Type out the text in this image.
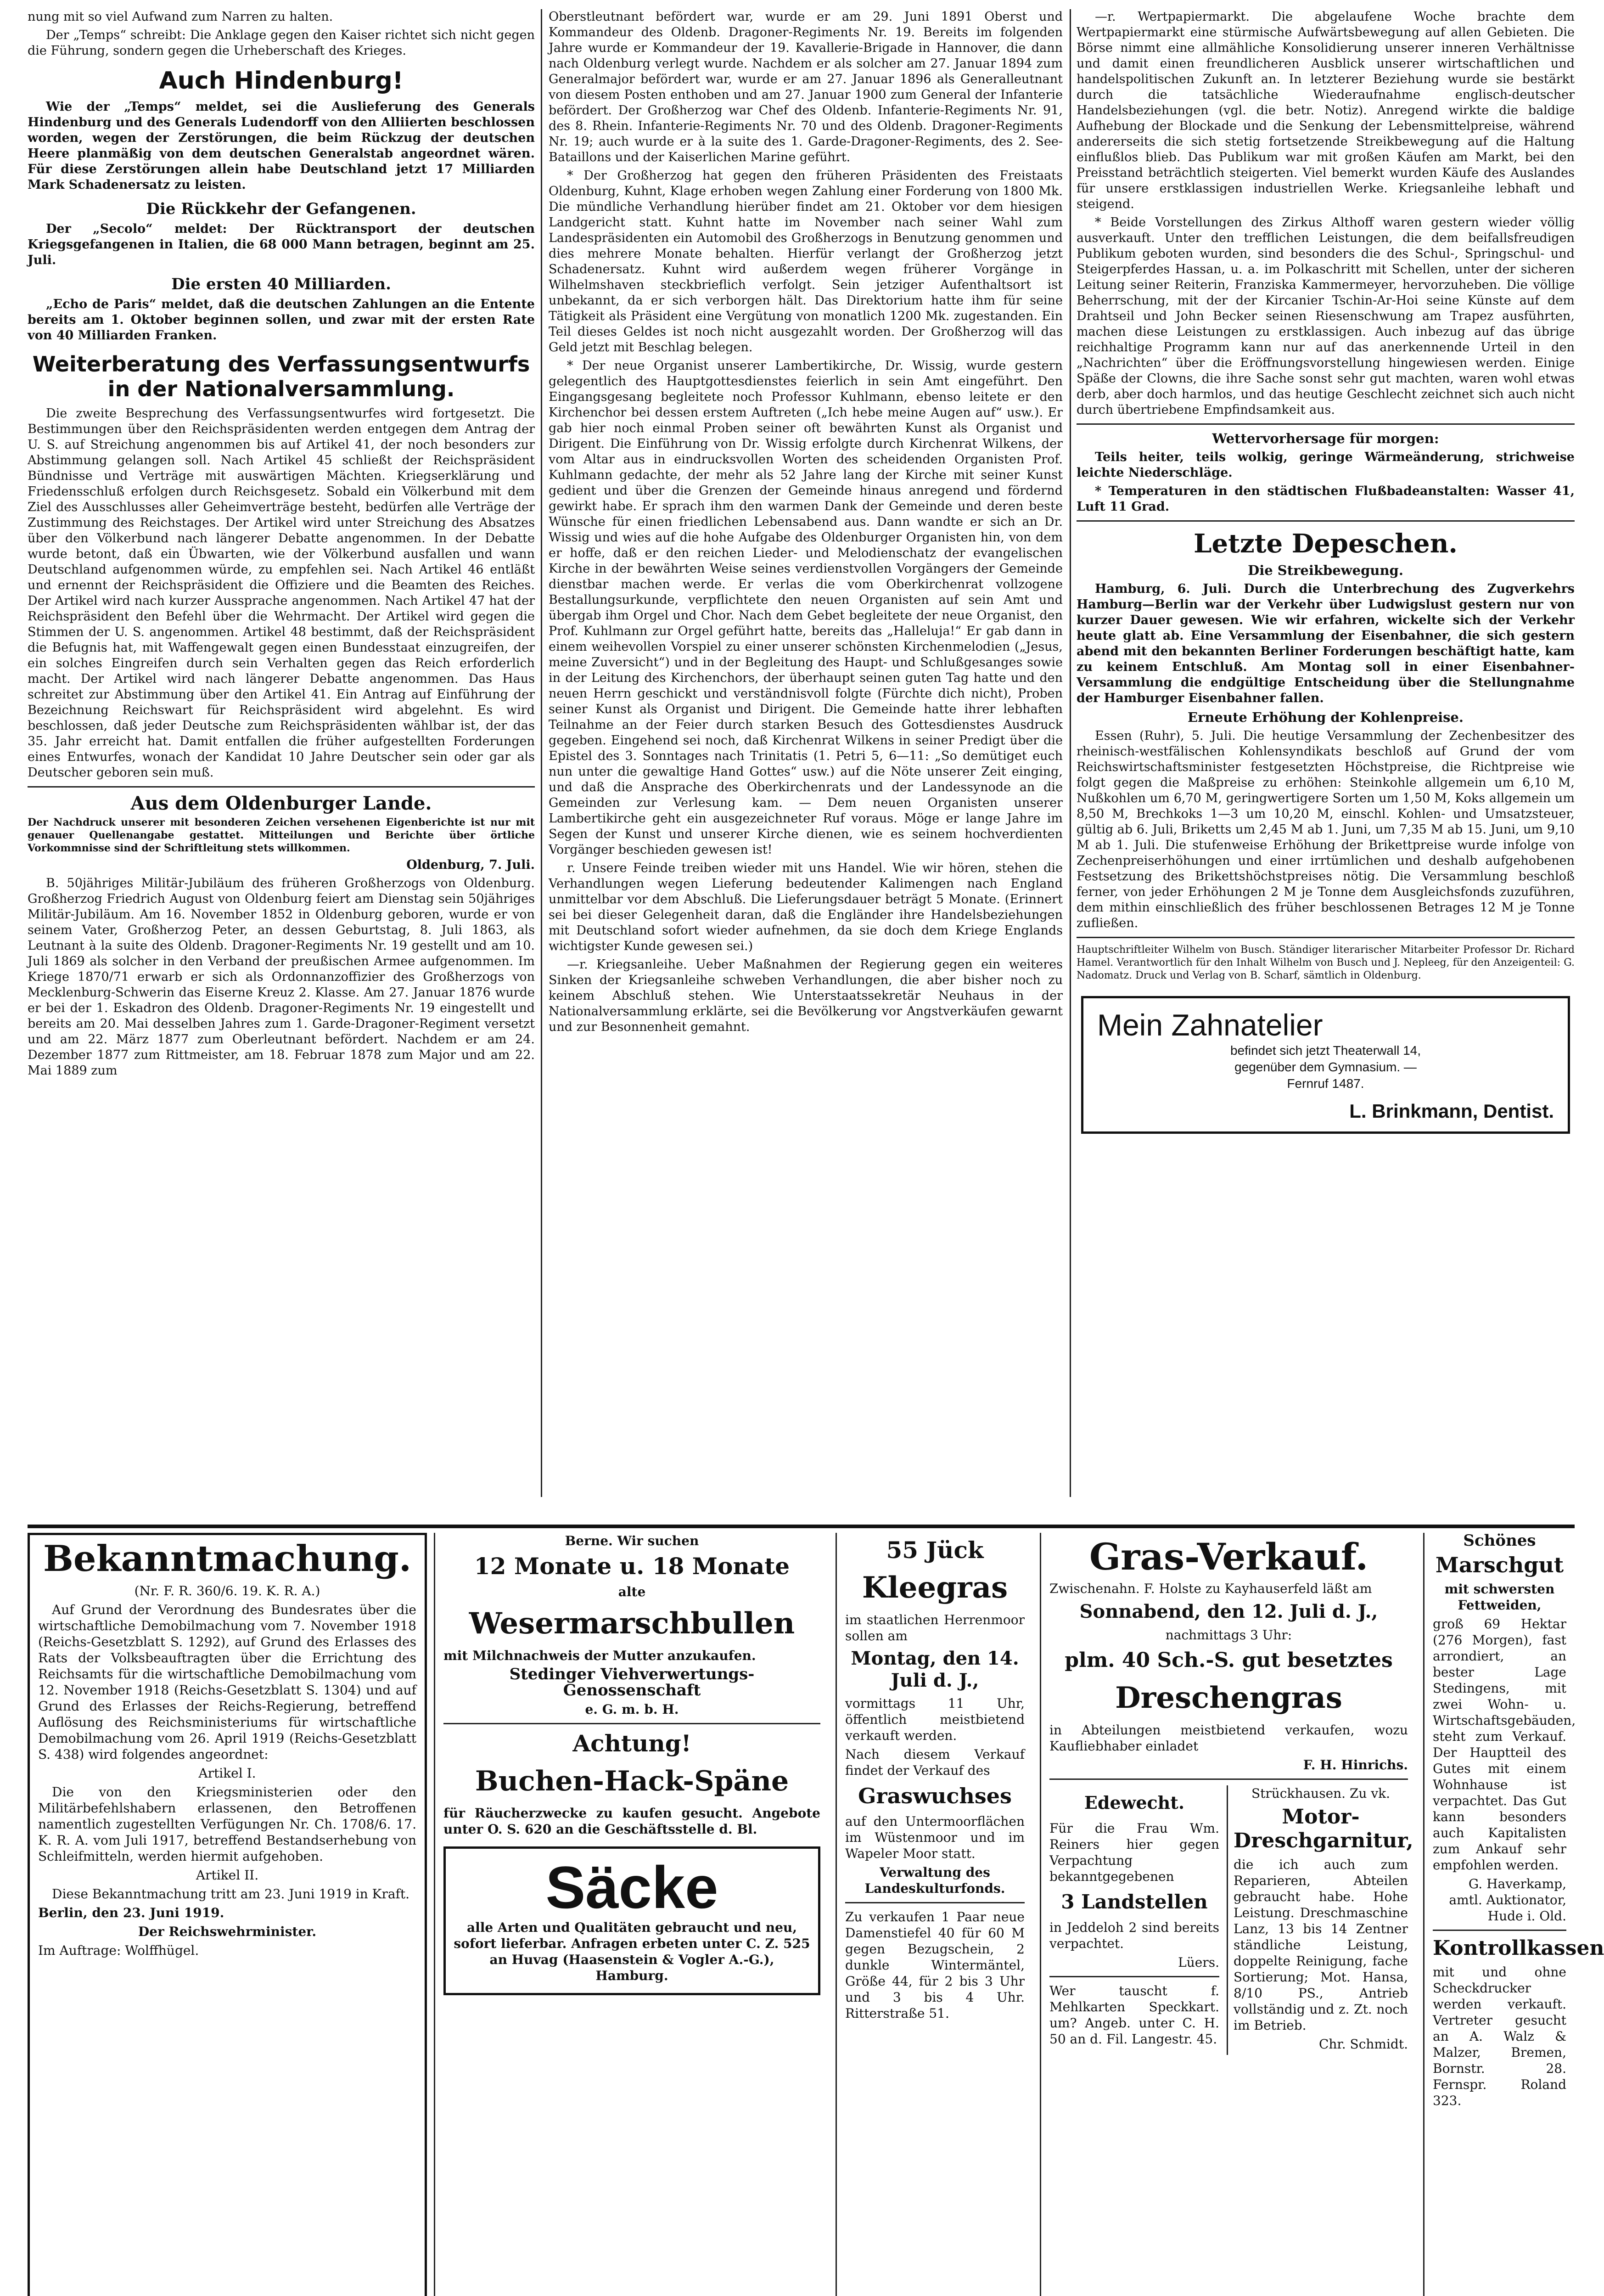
nung mit so viel Aufwand zum Narren zu halten.

Der „Temps“ schreibt: Die Anklage gegen den Kaiser richtet sich nicht gegen die Führung, sondern gegen die Urheberschaft des Krieges.

Auch Hindenburg!

Wie der „Temps“ meldet, sei die Auslieferung des Generals Hindenburg und des Generals Ludendorff von den Alliierten beschlossen worden, wegen der Zerstörungen, die beim Rückzug der deutschen Heere planmäßig von dem deutschen Generalstab angeordnet wären. Für diese Zerstörungen allein habe Deutschland jetzt 17 Milliarden Mark Schadenersatz zu leisten.

Die Rückkehr der Gefangenen.

Der „Secolo“ meldet: Der Rücktransport der deutschen Kriegsgefangenen in Italien, die 68 000 Mann betragen, beginnt am 25. Juli.

Die ersten 40 Milliarden.

„Echo de Paris“ meldet, daß die deutschen Zahlungen an die Entente bereits am 1. Oktober beginnen sollen, und zwar mit der ersten Rate von 40 Milliarden Franken.

Weiterberatung des Verfassungsentwurfs in der Nationalversammlung.

Die zweite Besprechung des Verfassungsentwurfes wird fortgesetzt. Die Bestimmungen über den Reichspräsidenten werden entgegen dem Antrag der U. S. auf Streichung angenommen bis auf Artikel 41, der noch besonders zur Abstimmung gelangen soll. Nach Artikel 45 schließt der Reichspräsident Bündnisse und Verträge mit auswärtigen Mächten. Kriegserklärung und Friedensschluß erfolgen durch Reichsgesetz. Sobald ein Völkerbund mit dem Ziel des Ausschlusses aller Geheimverträge besteht, bedürfen alle Verträge der Zustimmung des Reichstages. Der Artikel wird unter Streichung des Absatzes über den Völkerbund nach längerer Debatte angenommen. In der Debatte wurde betont, daß ein Übwarten, wie der Völkerbund ausfallen und wann Deutschland aufgenommen würde, zu empfehlen sei. Nach Artikel 46 entläßt und ernennt der Reichspräsident die Offiziere und die Beamten des Reiches. Der Artikel wird nach kurzer Aussprache angenommen. Nach Artikel 47 hat der Reichspräsident den Befehl über die Wehrmacht. Der Artikel wird gegen die Stimmen der U. S. angenommen. Artikel 48 bestimmt, daß der Reichspräsident die Befugnis hat, mit Waffengewalt gegen einen Bundesstaat einzugreifen, der ein solches Eingreifen durch sein Verhalten gegen das Reich erforderlich macht. Der Artikel wird nach längerer Debatte angenommen. Das Haus schreitet zur Abstimmung über den Artikel 41. Ein Antrag auf Einführung der Bezeichnung Reichswart für Reichspräsident wird abgelehnt. Es wird beschlossen, daß jeder Deutsche zum Reichspräsidenten wählbar ist, der das 35. Jahr erreicht hat. Damit entfallen die früher aufgestellten Forderungen eines Entwurfes, wonach der Kandidat 10 Jahre Deutscher sein oder gar als Deutscher geboren sein muß.

Aus dem Oldenburger Lande.

Der Nachdruck unserer mit besonderen Zeichen versehenen Eigenberichte ist nur mit genauer Quellenangabe gestattet. Mitteilungen und Berichte über örtliche Vorkommnisse sind der Schriftleitung stets willkommen.

Oldenburg, 7. Juli.

B. 50jähriges Militär-Jubiläum des früheren Großherzogs von Oldenburg. Großherzog Friedrich August von Oldenburg feiert am Dienstag sein 50jähriges Militär-Jubiläum. Am 16. November 1852 in Oldenburg geboren, wurde er von seinem Vater, Großherzog Peter, an dessen Geburtstag, 8. Juli 1863, als Leutnant à la suite des Oldenb. Dragoner-Regiments Nr. 19 gestellt und am 10. Juli 1869 als solcher in den Verband der preußischen Armee aufgenommen. Im Kriege 1870/71 erwarb er sich als Ordonnanzoffizier des Großherzogs von Mecklenburg-Schwerin das Eiserne Kreuz 2. Klasse. Am 27. Januar 1876 wurde er bei der 1. Eskadron des Oldenb. Dragoner-Regiments Nr. 19 eingestellt und bereits am 20. Mai desselben Jahres zum 1. Garde-Dragoner-Regiment versetzt und am 22. März 1877 zum Oberleutnant befördert. Nachdem er am 24. Dezember 1877 zum Rittmeister, am 18. Februar 1878 zum Major und am 22. Mai 1889 zum

Oberstleutnant befördert war, wurde er am 29. Juni 1891 Oberst und Kommandeur des Oldenb. Dragoner-Regiments Nr. 19. Bereits im folgenden Jahre wurde er Kommandeur der 19. Kavallerie-Brigade in Hannover, die dann nach Oldenburg verlegt wurde. Nachdem er als solcher am 27. Januar 1894 zum Generalmajor befördert war, wurde er am 27. Januar 1896 als Generalleutnant von diesem Posten enthoben und am 27. Januar 1900 zum General der Infanterie befördert. Der Großherzog war Chef des Oldenb. Infanterie-Regiments Nr. 91, des 8. Rhein. Infanterie-Regiments Nr. 70 und des Oldenb. Dragoner-Regiments Nr. 19; auch wurde er à la suite des 1. Garde-Dragoner-Regiments, des 2. See-Bataillons und der Kaiserlichen Marine geführt.

* Der Großherzog hat gegen den früheren Präsidenten des Freistaats Oldenburg, Kuhnt, Klage erhoben wegen Zahlung einer Forderung von 1800 Mk. Die mündliche Verhandlung hierüber findet am 21. Oktober vor dem hiesigen Landgericht statt. Kuhnt hatte im November nach seiner Wahl zum Landespräsidenten ein Automobil des Großherzogs in Benutzung genommen und dies mehrere Monate behalten. Hierfür verlangt der Großherzog jetzt Schadenersatz. Kuhnt wird außerdem wegen früherer Vorgänge in Wilhelmshaven steckbrieflich verfolgt. Sein jetziger Aufenthaltsort ist unbekannt, da er sich verborgen hält. Das Direktorium hatte ihm für seine Tätigkeit als Präsident eine Vergütung von monatlich 1200 Mk. zugestanden. Ein Teil dieses Geldes ist noch nicht ausgezahlt worden. Der Großherzog will das Geld jetzt mit Beschlag belegen.

* Der neue Organist unserer Lambertikirche, Dr. Wissig, wurde gestern gelegentlich des Hauptgottesdienstes feierlich in sein Amt eingeführt. Den Eingangsgesang begleitete noch Professor Kuhlmann, ebenso leitete er den Kirchenchor bei dessen erstem Auftreten („Ich hebe meine Augen auf“ usw.). Er gab hier noch einmal Proben seiner oft bewährten Kunst als Organist und Dirigent. Die Einführung von Dr. Wissig erfolgte durch Kirchenrat Wilkens, der vom Altar aus in eindrucksvollen Worten des scheidenden Organisten Prof. Kuhlmann gedachte, der mehr als 52 Jahre lang der Kirche mit seiner Kunst gedient und über die Grenzen der Gemeinde hinaus anregend und fördernd gewirkt habe. Er sprach ihm den warmen Dank der Gemeinde und deren beste Wünsche für einen friedlichen Lebensabend aus. Dann wandte er sich an Dr. Wissig und wies auf die hohe Aufgabe des Oldenburger Organisten hin, von dem er hoffe, daß er den reichen Lieder- und Melodienschatz der evangelischen Kirche in der bewährten Weise seines verdienstvollen Vorgängers der Gemeinde dienstbar machen werde. Er verlas die vom Oberkirchenrat vollzogene Bestallungsurkunde, verpflichtete den neuen Organisten auf sein Amt und übergab ihm Orgel und Chor. Nach dem Gebet begleitete der neue Organist, den Prof. Kuhlmann zur Orgel geführt hatte, bereits das „Halleluja!“ Er gab dann in einem weihevollen Vorspiel zu einer unserer schönsten Kirchenmelodien („Jesus, meine Zuversicht“) und in der Begleitung des Haupt- und Schlußgesanges sowie in der Leitung des Kirchenchors, der überhaupt seinen guten Tag hatte und den neuen Herrn geschickt und verständnisvoll folgte (Fürchte dich nicht), Proben seiner Kunst als Organist und Dirigent. Die Gemeinde hatte ihrer lebhaften Teilnahme an der Feier durch starken Besuch des Gottesdienstes Ausdruck gegeben. Eingehend sei noch, daß Kirchenrat Wilkens in seiner Predigt über die Epistel des 3. Sonntages nach Trinitatis (1. Petri 5, 6—11: „So demütiget euch nun unter die gewaltige Hand Gottes“ usw.) auf die Nöte unserer Zeit einging, und daß die Ansprache des Oberkirchenrats und der Landessynode an die Gemeinden zur Verlesung kam. — Dem neuen Organisten unserer Lambertikirche geht ein ausgezeichneter Ruf voraus. Möge er lange Jahre im Segen der Kunst und unserer Kirche dienen, wie es seinem hochverdienten Vorgänger beschieden gewesen ist!

r. Unsere Feinde treiben wieder mit uns Handel. Wie wir hören, stehen die Verhandlungen wegen Lieferung bedeutender Kalimengen nach England unmittelbar vor dem Abschluß. Die Lieferungsdauer beträgt 5 Monate. (Erinnert sei bei dieser Gelegenheit daran, daß die Engländer ihre Handelsbeziehungen mit Deutschland sofort wieder aufnehmen, da sie doch dem Kriege Englands wichtigster Kunde gewesen sei.)

—r. Kriegsanleihe. Ueber Maßnahmen der Regierung gegen ein weiteres Sinken der Kriegsanleihe schweben Verhandlungen, die aber bisher noch zu keinem Abschluß stehen. Wie Unterstaatssekretär Neuhaus in der Nationalversammlung erklärte, sei die Bevölkerung vor Angstverkäufen gewarnt und zur Besonnenheit gemahnt.

—r. Wertpapiermarkt. Die abgelaufene Woche brachte dem Wertpapiermarkt eine stürmische Aufwärtsbewegung auf allen Gebieten. Die Börse nimmt eine allmähliche Konsolidierung unserer inneren Verhältnisse und damit einen freundlicheren Ausblick unserer wirtschaftlichen und handelspolitischen Zukunft an. In letzterer Beziehung wurde sie bestärkt durch die tatsächliche Wiederaufnahme englisch-deutscher Handelsbeziehungen (vgl. die betr. Notiz). Anregend wirkte die baldige Aufhebung der Blockade und die Senkung der Lebensmittelpreise, während andererseits die sich stetig fortsetzende Streikbewegung auf die Haltung einflußlos blieb. Das Publikum war mit großen Käufen am Markt, bei den Preisstand beträchtlich steigerten. Viel bemerkt wurden Käufe des Auslandes für unsere erstklassigen industriellen Werke. Kriegsanleihe lebhaft und steigend.

* Beide Vorstellungen des Zirkus Althoff waren gestern wieder völlig ausverkauft. Unter den trefflichen Leistungen, die dem beifallsfreudigen Publikum geboten wurden, sind besonders die des Schul-, Springschul- und Steigerpferdes Hassan, u. a. im Polkaschritt mit Schellen, unter der sicheren Leitung seiner Reiterin, Franziska Kammermeyer, hervorzuheben. Die völlige Beherrschung, mit der der Kircanier Tschin-Ar-Hoi seine Künste auf dem Drahtseil und John Becker seinen Riesenschwung am Trapez ausführten, machen diese Leistungen zu erstklassigen. Auch inbezug auf das übrige reichhaltige Programm kann nur auf das anerkennende Urteil in den „Nachrichten“ über die Eröffnungsvorstellung hingewiesen werden. Einige Späße der Clowns, die ihre Sache sonst sehr gut machten, waren wohl etwas derb, aber doch harmlos, und das heutige Geschlecht zeichnet sich auch nicht durch übertriebene Empfindsamkeit aus.

Wettervorhersage für morgen:

Teils heiter, teils wolkig, geringe Wärmeänderung, strichweise leichte Niederschläge.

* Temperaturen in den städtischen Flußbadeanstalten: Wasser 41, Luft 11 Grad.

Letzte Depeschen.
Die Streikbewegung.

Hamburg, 6. Juli. Durch die Unterbrechung des Zugverkehrs Hamburg—Berlin war der Verkehr über Ludwigslust gestern nur von kurzer Dauer gewesen. Wie wir erfahren, wickelte sich der Verkehr heute glatt ab. Eine Versammlung der Eisenbahner, die sich gestern abend mit den bekannten Berliner Forderungen beschäftigt hatte, kam zu keinem Entschluß. Am Montag soll in einer Eisenbahner-Versammlung die endgültige Entscheidung über die Stellungnahme der Hamburger Eisenbahner fallen.

Erneute Erhöhung der Kohlenpreise.

Essen (Ruhr), 5. Juli. Die heutige Versammlung der Zechenbesitzer des rheinisch-westfälischen Kohlensyndikats beschloß auf Grund der vom Reichswirtschaftsminister festgesetzten Höchstpreise, die Richtpreise wie folgt gegen die Maßpreise zu erhöhen: Steinkohle allgemein um 6,10 M, Nußkohlen um 6,70 M, geringwertigere Sorten um 1,50 M, Koks allgemein um 8,50 M, Brechkoks 1—3 um 10,20 M, einschl. Kohlen- und Umsatzsteuer, gültig ab 6. Juli, Briketts um 2,45 M ab 1. Juni, um 7,35 M ab 15. Juni, um 9,10 M ab 1. Juli. Die stufenweise Erhöhung der Brikettpreise wurde infolge von Zechenpreiserhöhungen und einer irrtümlichen und deshalb aufgehobenen Festsetzung des Brikettshöchstpreises nötig. Die Versammlung beschloß ferner, von jeder Erhöhungen 2 M je Tonne dem Ausgleichsfonds zuzuführen, dem mithin einschließlich des früher beschlossenen Betrages 12 M je Tonne zufließen.

Hauptschriftleiter Wilhelm von Busch. Ständiger literarischer Mitarbeiter Professor Dr. Richard Hamel. Verantwortlich für den Inhalt Wilhelm von Busch und J. Nepleeg, für den Anzeigenteil: G. Nadomatz. Druck und Verlag von B. Scharf, sämtlich in Oldenburg.

Mein Zahnatelier
befindet sich jetzt Theaterwall 14,
gegenüber dem Gymnasium. —
Fernruf 1487.
L. Brinkmann, Dentist.
Bekanntmachung.

(Nr. F. R. 360/6. 19. K. R. A.)

Auf Grund der Verordnung des Bundesrates über die wirtschaftliche Demobilmachung vom 7. November 1918 (Reichs-Gesetzblatt S. 1292), auf Grund des Erlasses des Rats der Volksbeauftragten über die Errichtung des Reichsamts für die wirtschaftliche Demobilmachung vom 12. November 1918 (Reichs-Gesetzblatt S. 1304) und auf Grund des Erlasses der Reichs-Regierung, betreffend Auflösung des Reichsministeriums für wirtschaftliche Demobilmachung vom 26. April 1919 (Reichs-Gesetzblatt S. 438) wird folgendes angeordnet:

Artikel I.

Die von den Kriegsministerien oder den Militärbefehlshabern erlassenen, den Betroffenen namentlich zugestellten Verfügungen Nr. Ch. 1708/6. 17. K. R. A. vom Juli 1917, betreffend Bestandserhebung von Schleifmitteln, werden hiermit aufgehoben.

Artikel II.

Diese Bekanntmachung tritt am 23. Juni 1919 in Kraft.

Berlin, den 23. Juni 1919.

Der Reichswehrminister.

Im Auftrage: Wolffhügel.

Berne. Wir suchen

12 Monate u. 18 Monate

alte

Wesermarschbullen

mit Milchnachweis der Mutter anzukaufen.

Stedinger Viehverwertungs-Genossenschaft

e. G. m. b. H.

Achtung!
Buchen-Hack-Späne

für Räucherzwecke zu kaufen gesucht. Angebote unter O. S. 620 an die Geschäftsstelle d. Bl.

Säcke

alle Arten und Qualitäten gebraucht und neu, sofort lieferbar. Anfragen erbeten unter C. Z. 525 an Huvag (Haasenstein & Vogler A.-G.), Hamburg.

55 Jück
Kleegras

im staatlichen Herrenmoor sollen am

Montag, den 14. Juli d. J.,

vormittags 11 Uhr, öffentlich meistbietend verkauft werden.

Nach diesem Verkauf findet der Verkauf des

Graswuchses

auf den Untermoorflächen im Wüstenmoor und im Wapeler Moor statt.

Verwaltung des Landeskulturfonds.

Zu verkaufen 1 Paar neue Damenstiefel 40 für 60 M gegen Bezugschein, 2 dunkle Wintermäntel, Größe 44, für 2 bis 3 Uhr und 3 bis 4 Uhr. Ritterstraße 51.

Gras-Verkauf.

Zwischenahn. F. Holste zu Kayhauserfeld läßt am

Sonnabend, den 12. Juli d. J.,

nachmittags 3 Uhr:

plm. 40 Sch.-S. gut besetztes
Dreschengras

in Abteilungen meistbietend verkaufen, wozu Kaufliebhaber einladet

F. H. Hinrichs.

Edewecht.

Für die Frau Wm. Reiners hier gegen Verpachtung bekanntgegebenen

3 Landstellen

in Jeddeloh 2 sind bereits verpachtet.

Lüers.

Wer tauscht f. Mehlkarten Speckkart. um? Angeb. unter C. H. 50 an d. Fil. Langestr. 45.

Strückhausen. Zu vk.

Motor-Dreschgarnitur,

die ich auch zum Reparieren, Abteilen gebraucht habe. Hohe Leistung. Dreschmaschine Lanz, 13 bis 14 Zentner ständliche Leistung, doppelte Reinigung, fache Sortierung; Mot. Hansa, 8/10 PS., Antrieb vollständig und z. Zt. noch im Betrieb.

Chr. Schmidt.

Schönes

Marschgut

mit schwersten Fettweiden,

groß 69 Hektar (276 Morgen), fast arrondiert, an bester Lage Stedingens, mit zwei Wohn- u. Wirtschaftsgebäuden, steht zum Verkauf. Der Hauptteil des Gutes mit einem Wohnhause ist verpachtet. Das Gut kann besonders auch Kapitalisten zum Ankauf sehr empfohlen werden.

G. Haverkamp, amtl. Auktionator, Hude i. Old.

Kontrollkassen

mit und ohne Scheckdrucker werden verkauft. Vertreter gesucht an A. Walz & Malzer, Bremen, Bornstr. 28. Fernspr. Roland 323.
